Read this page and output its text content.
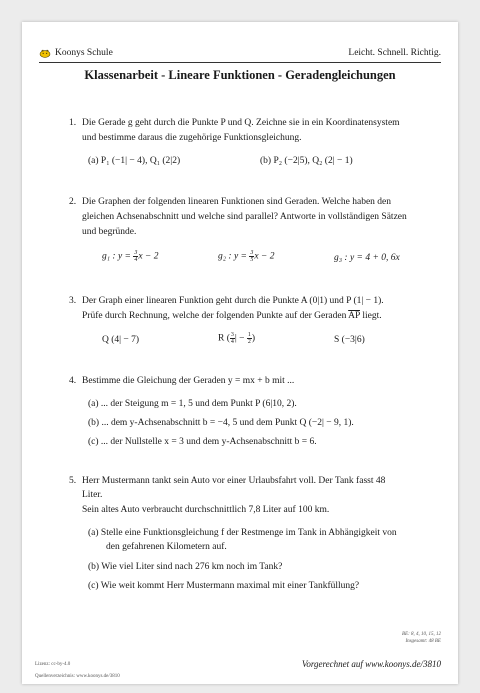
Koonys Schule	Leicht. Schnell. Richtig.
Klassenarbeit - Lineare Funktionen - Geradengleichungen
1. Die Gerade g geht durch die Punkte P und Q. Zeichne sie in ein Koordinatensystem
und bestimme daraus die zugehörige Funktionsgleichung.
(a) P₁ (−1| − 4), Q₁ (2|2)	(b) P₂ (−2|5), Q₂ (2| − 1)
2. Die Graphen der folgenden linearen Funktionen sind Geraden. Welche haben den
gleichen Achsenabschnitt und welche sind parallel? Antworte in vollständigen Sätzen
und begründe.
g₁ : $y = \frac{3}{4}$ x − 2	g₂ : $y = \frac{3}{5}$ x − 2	g₃ : y = 4 + 0, 6x
3. Der Graph einer linearen Funktion geht durch die Punkte A (0|1) und P (1| − 1).
Prüfe durch Rechnung, welche der folgenden Punkte auf der Geraden $\overline{AP}$ liegt.
Q (4| − 7)	R ( $\frac{3}{4}$ | − $\frac{1}{2}$ )	S (−3|6)
4. Bestimme die Gleichung der Geraden y = mx + b mit ...
(a) ... der Steigung m = 1, 5 und dem Punkt P (6|10, 2).
(b) ... dem y-Achsenabschnitt b = −4, 5 und dem Punkt Q (−2| − 9, 1).
(c) ... der Nullstelle x = 3 und dem y-Achsenabschnitt b = 6.
5. Herr Mustermann tankt sein Auto vor einer Urlaubsfahrt voll. Der Tank fasst 48
Liter.
Sein altes Auto verbraucht durchschnittlich 7,8 Liter auf 100 km.
(a) Stelle eine Funktionsgleichung f der Restmenge im Tank in Abhängigkeit von
den gefahrenen Kilometern auf.
(b) Wie viel Liter sind nach 276 km noch im Tank?
(c) Wie weit kommt Herr Mustermann maximal mit einer Tankfüllung?
BE: 8, 4, 10, 15, 12
Insgesamt: 48 BE
Lizenz: cc-by-4.0
Quellenverzeichnis: www.koonys.de/3810
Vorgerechnet auf www.koonys.de/3810
